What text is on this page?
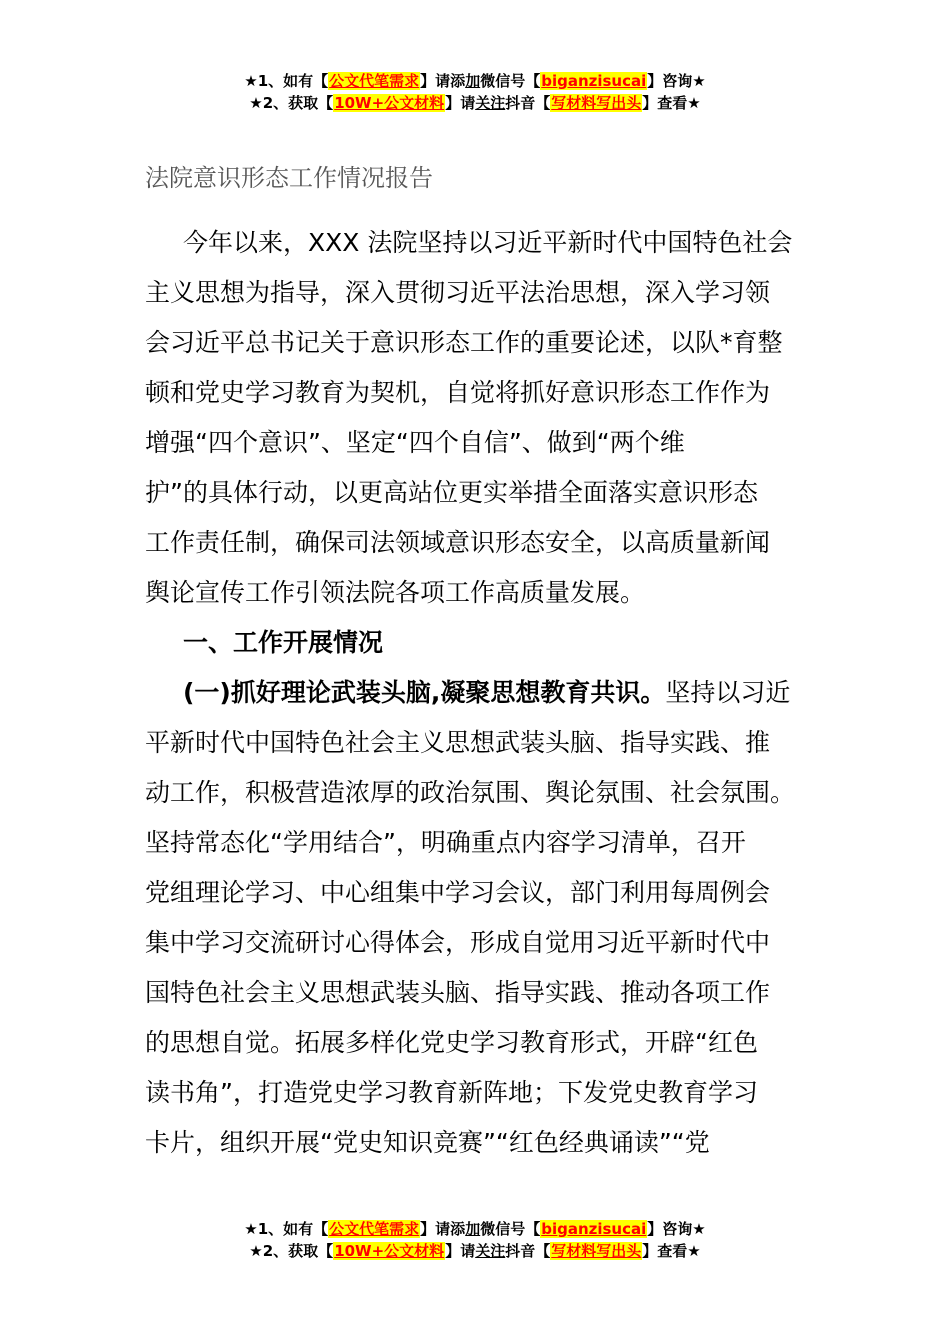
★1、如有【公文代笔需求】请添加微信号【biganzisucai】咨询★
★2、获取【10W+公文材料】请关注抖音【写材料写出头】查看★
法院意识形态工作情况报告
今年以来，XXX 法院坚持以习近平新时代中国特色社会
主义思想为指导，深入贯彻习近平法治思想，深入学习领
会习近平总书记关于意识形态工作的重要论述，以队*育整
顿和党史学习教育为契机，自觉将抓好意识形态工作作为
增强“四个意识”、坚定“四个自信”、做到“两个维
护”的具体行动，以更高站位更实举措全面落实意识形态
工作责任制，确保司法领域意识形态安全，以高质量新闻
舆论宣传工作引领法院各项工作高质量发展。
一、工作开展情况
(一)抓好理论武装头脑,凝聚思想教育共识。坚持以习近
平新时代中国特色社会主义思想武装头脑、指导实践、推
动工作，积极营造浓厚的政治氛围、舆论氛围、社会氛围。
坚持常态化“学用结合”，明确重点内容学习清单，召开
党组理论学习、中心组集中学习会议，部门利用每周例会
集中学习交流研讨心得体会，形成自觉用习近平新时代中
国特色社会主义思想武装头脑、指导实践、推动各项工作
的思想自觉。拓展多样化党史学习教育形式，开辟“红色
读书角”，打造党史学习教育新阵地；下发党史教育学习
卡片，组织开展“党史知识竞赛”“红色经典诵读”“党
★1、如有【公文代笔需求】请添加微信号【biganzisucai】咨询★
★2、获取【10W+公文材料】请关注抖音【写材料写出头】查看★
